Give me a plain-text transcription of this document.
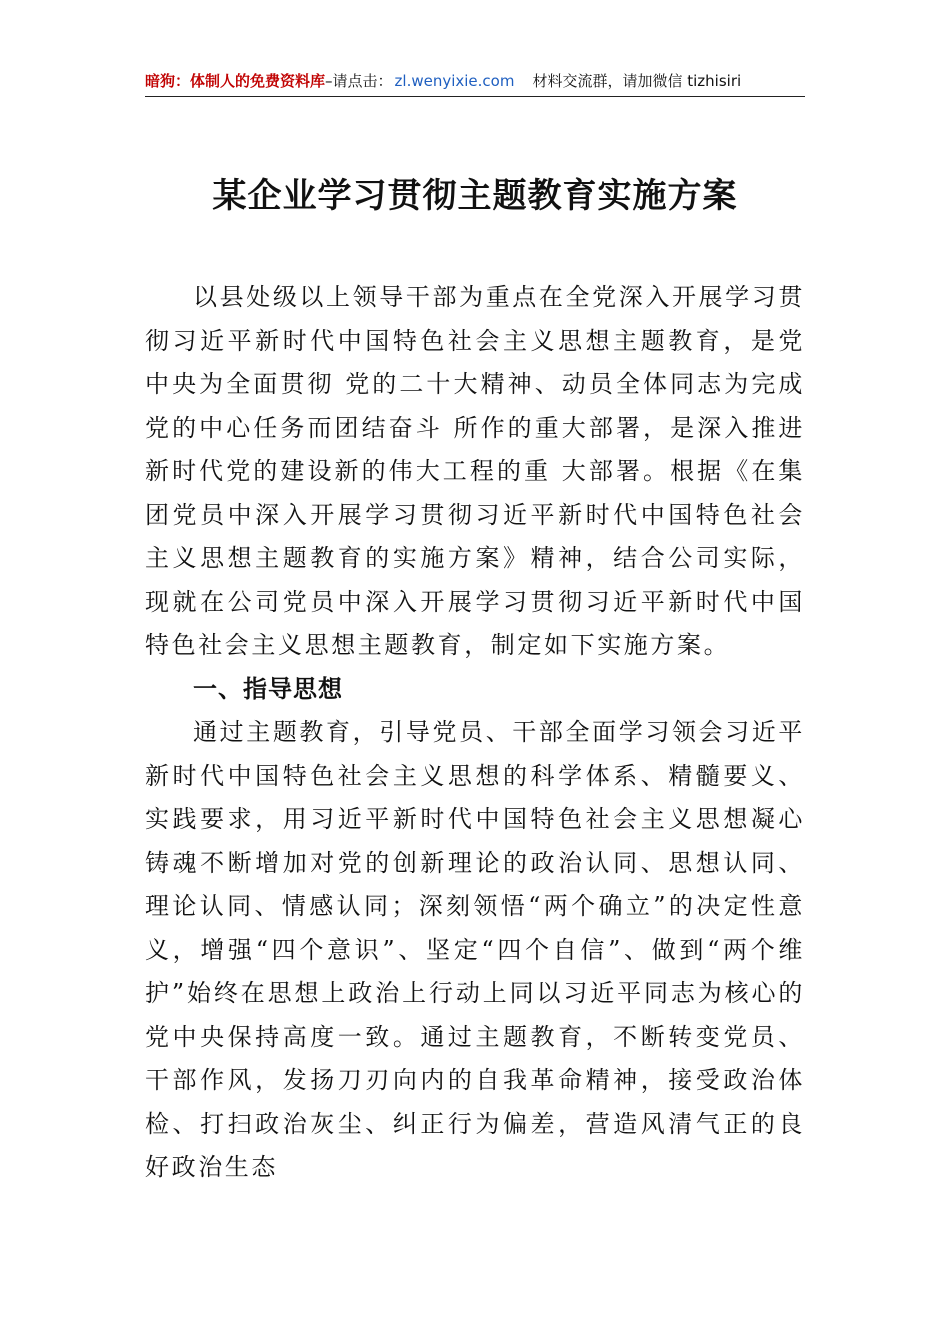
暗狗：体制人的免费资料库–请点击： zl.wenyixie.com 材料交流群，请加微信 tizhisiri
某企业学习贯彻主题教育实施方案

以县处级以上领导干部为重点在全党深入开展学习贯彻习近平新时代中国特色社会主义思想主题教育，是党中央为全面贯彻 党的二十大精神、动员全体同志为完成党的中心任务而团结奋斗 所作的重大部署，是深入推进新时代党的建设新的伟大工程的重 大部署。根据《在集团党员中深入开展学习贯彻习近平新时代中国特色社会主义思想主题教育的实施方案》精神，结合公司实际，现就在公司党员中深入开展学习贯彻习近平新时代中国特色社会主义思想主题教育，制定如下实施方案。

一、指导思想

通过主题教育，引导党员、干部全面学习领会习近平新时代中国特色社会主义思想的科学体系、精髓要义、实践要求，用习近平新时代中国特色社会主义思想凝心铸魂不断增加对党的创新理论的政治认同、思想认同、理论认同、情感认同；深刻领悟“两个确立”的决定性意义，增强“四个意识”、坚定“四个自信”、做到“两个维护”始终在思想上政治上行动上同以习近平同志为核心的党中央保持高度一致。通过主题教育，不断转变党员、干部作风，发扬刀刃向内的自我革命精神，接受政治体检、打扫政治灰尘、纠正行为偏差，营造风清气正的良好政治生态
